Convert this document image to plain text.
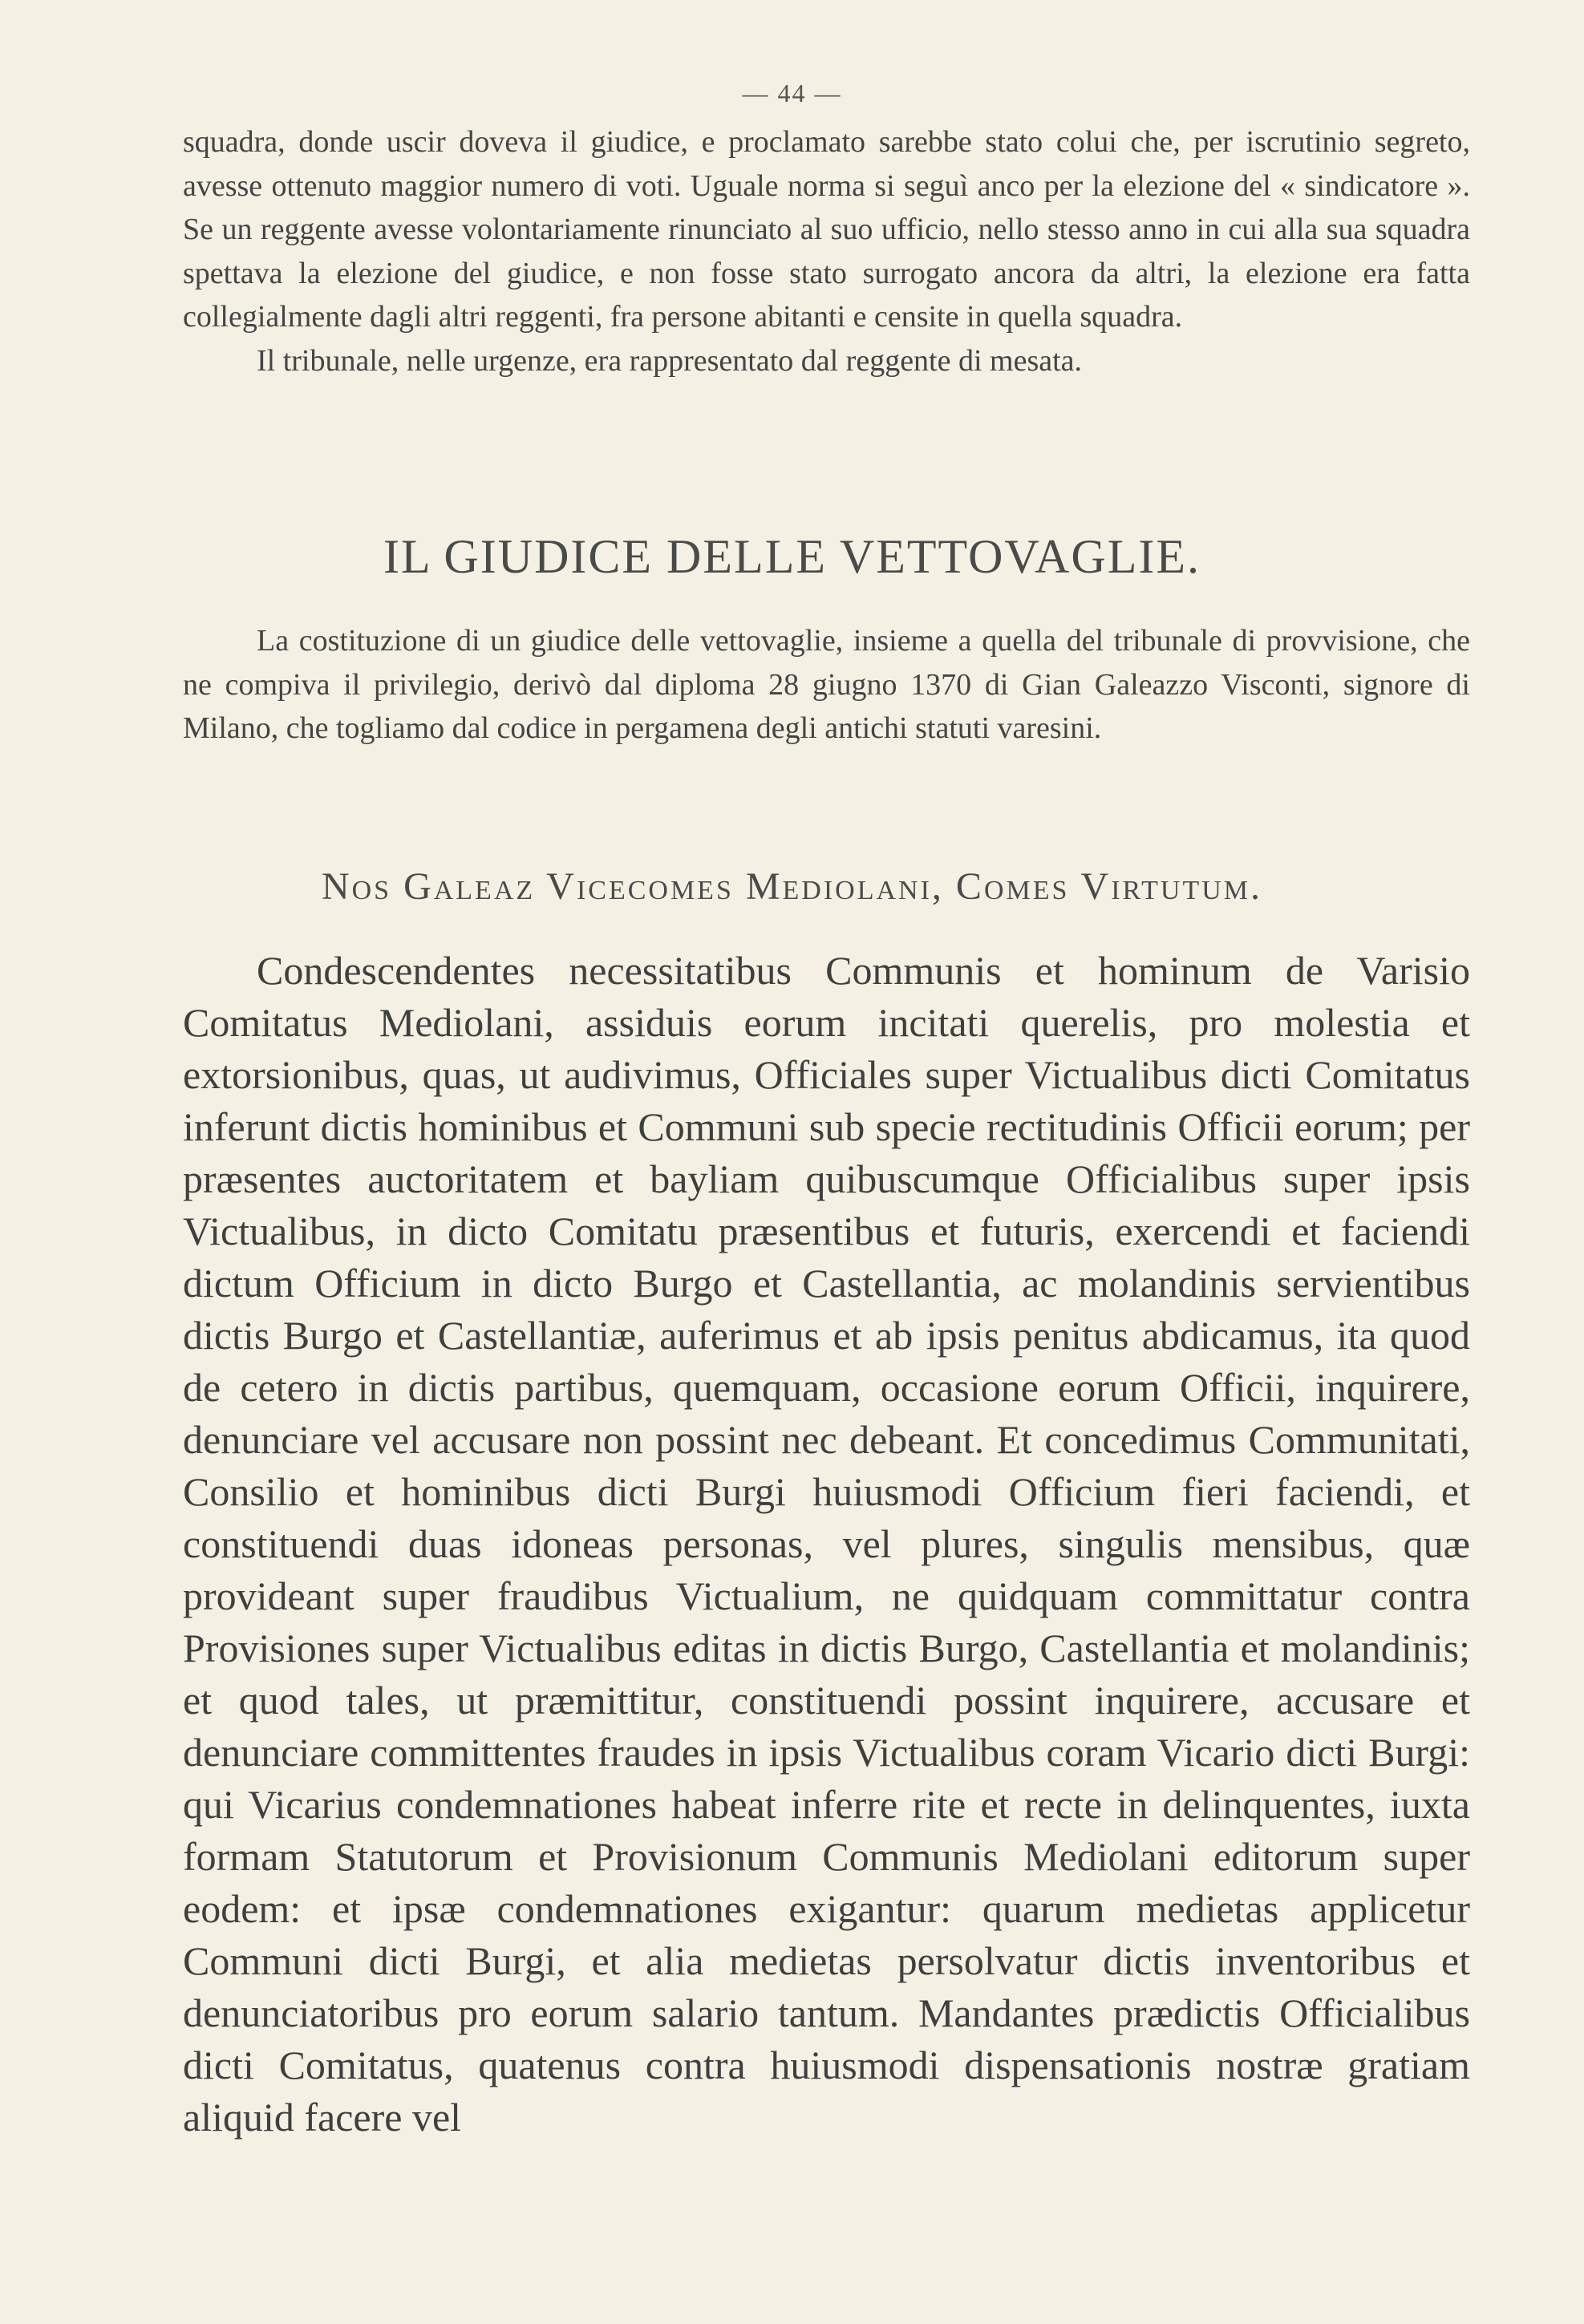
— 44 —

squadra, donde uscir doveva il giudice, e proclamato sarebbe stato colui che, per iscrutinio segreto, avesse ottenuto maggior numero di voti. Uguale norma si seguì anco per la elezione del « sindicatore ». Se un reggente avesse volontariamente rinunciato al suo ufficio, nello stesso anno in cui alla sua squadra spettava la elezione del giudice, e non fosse stato surrogato ancora da altri, la elezione era fatta collegialmente dagli altri reggenti, fra persone abitanti e censite in quella squadra.

Il tribunale, nelle urgenze, era rappresentato dal reggente di mesata.

IL GIUDICE DELLE VETTOVAGLIE.

La costituzione di un giudice delle vettovaglie, insieme a quella del tribunale di provvisione, che ne compiva il privilegio, derivò dal diploma 28 giugno 1370 di Gian Galeazzo Visconti, signore di Milano, che togliamo dal codice in pergamena degli antichi statuti varesini.

Nos Galeaz Vicecomes Mediolani, Comes Virtutum.

Condescendentes necessitatibus Communis et hominum de Varisio Comitatus Mediolani, assiduis eorum incitati querelis, pro molestia et extorsionibus, quas, ut audivimus, Officiales super Victualibus dicti Comitatus inferunt dictis hominibus et Communi sub specie rectitudinis Officii eorum; per præsentes auctoritatem et bayliam quibuscumque Officialibus super ipsis Victualibus, in dicto Comitatu præsentibus et futuris, exercendi et faciendi dictum Officium in dicto Burgo et Castellantia, ac molandinis servientibus dictis Burgo et Castellantiæ, auferimus et ab ipsis penitus abdicamus, ita quod de cetero in dictis partibus, quemquam, occasione eorum Officii, inquirere, denunciare vel accusare non possint nec debeant. Et concedimus Communitati, Consilio et hominibus dicti Burgi huiusmodi Officium fieri faciendi, et constituendi duas idoneas personas, vel plures, singulis mensibus, quæ provideant super fraudibus Victualium, ne quidquam committatur contra Provisiones super Victualibus editas in dictis Burgo, Castellantia et molandinis; et quod tales, ut præmittitur, constituendi possint inquirere, accusare et denunciare committentes fraudes in ipsis Victualibus coram Vicario dicti Burgi: qui Vicarius condemnationes habeat inferre rite et recte in delinquentes, iuxta formam Statutorum et Provisionum Communis Mediolani editorum super eodem: et ipsæ condemnationes exigantur: quarum medietas applicetur Communi dicti Burgi, et alia medietas persolvatur dictis inventoribus et denunciatoribus pro eorum salario tantum. Mandantes prædictis Officialibus dicti Comitatus, quatenus contra huiusmodi dispensationis nostræ gratiam aliquid facere vel
